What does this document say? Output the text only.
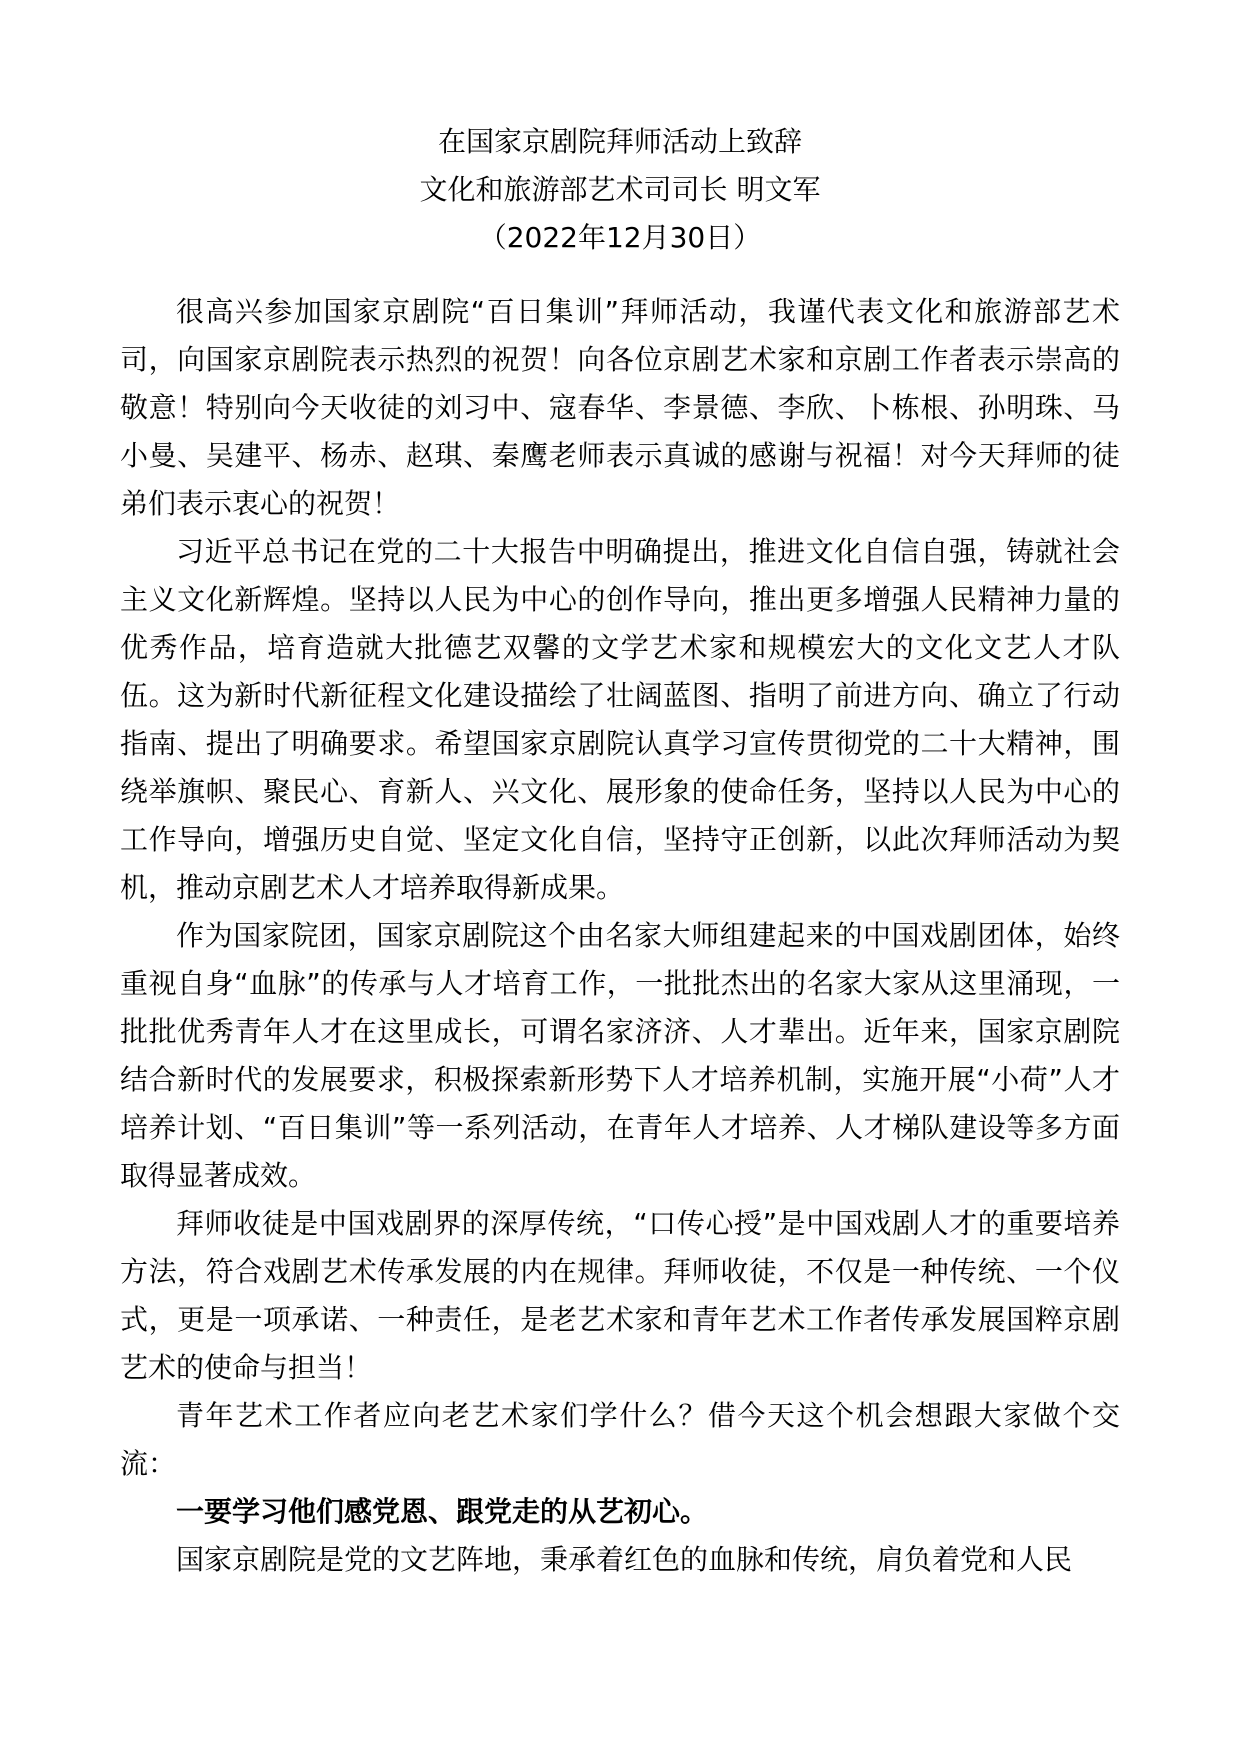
在国家京剧院拜师活动上致辞
文化和旅游部艺术司司长 明文军
（2022年12月30日）

很高兴参加国家京剧院“百日集训”拜师活动，我谨代表文化和旅游部艺术司，向国家京剧院表示热烈的祝贺！向各位京剧艺术家和京剧工作者表示崇高的敬意！特别向今天收徒的刘习中、寇春华、李景德、李欣、卜栋根、孙明珠、马小曼、吴建平、杨赤、赵琪、秦鹰老师表示真诚的感谢与祝福！对今天拜师的徒弟们表示衷心的祝贺！

习近平总书记在党的二十大报告中明确提出，推进文化自信自强，铸就社会主义文化新辉煌。坚持以人民为中心的创作导向，推出更多增强人民精神力量的优秀作品，培育造就大批德艺双馨的文学艺术家和规模宏大的文化文艺人才队伍。这为新时代新征程文化建设描绘了壮阔蓝图、指明了前进方向、确立了行动指南、提出了明确要求。希望国家京剧院认真学习宣传贯彻党的二十大精神，围绕举旗帜、聚民心、育新人、兴文化、展形象的使命任务，坚持以人民为中心的工作导向，增强历史自觉、坚定文化自信，坚持守正创新，以此次拜师活动为契机，推动京剧艺术人才培养取得新成果。

作为国家院团，国家京剧院这个由名家大师组建起来的中国戏剧团体，始终重视自身“血脉”的传承与人才培育工作，一批批杰出的名家大家从这里涌现，一批批优秀青年人才在这里成长，可谓名家济济、人才辈出。近年来，国家京剧院结合新时代的发展要求，积极探索新形势下人才培养机制，实施开展“小荷”人才培养计划、“百日集训”等一系列活动，在青年人才培养、人才梯队建设等多方面取得显著成效。

拜师收徒是中国戏剧界的深厚传统，“口传心授”是中国戏剧人才的重要培养方法，符合戏剧艺术传承发展的内在规律。拜师收徒，不仅是一种传统、一个仪式，更是一项承诺、一种责任，是老艺术家和青年艺术工作者传承发展国粹京剧艺术的使命与担当！

青年艺术工作者应向老艺术家们学什么？借今天这个机会想跟大家做个交流：

一要学习他们感党恩、跟党走的从艺初心。

国家京剧院是党的文艺阵地，秉承着红色的血脉和传统，肩负着党和人民
